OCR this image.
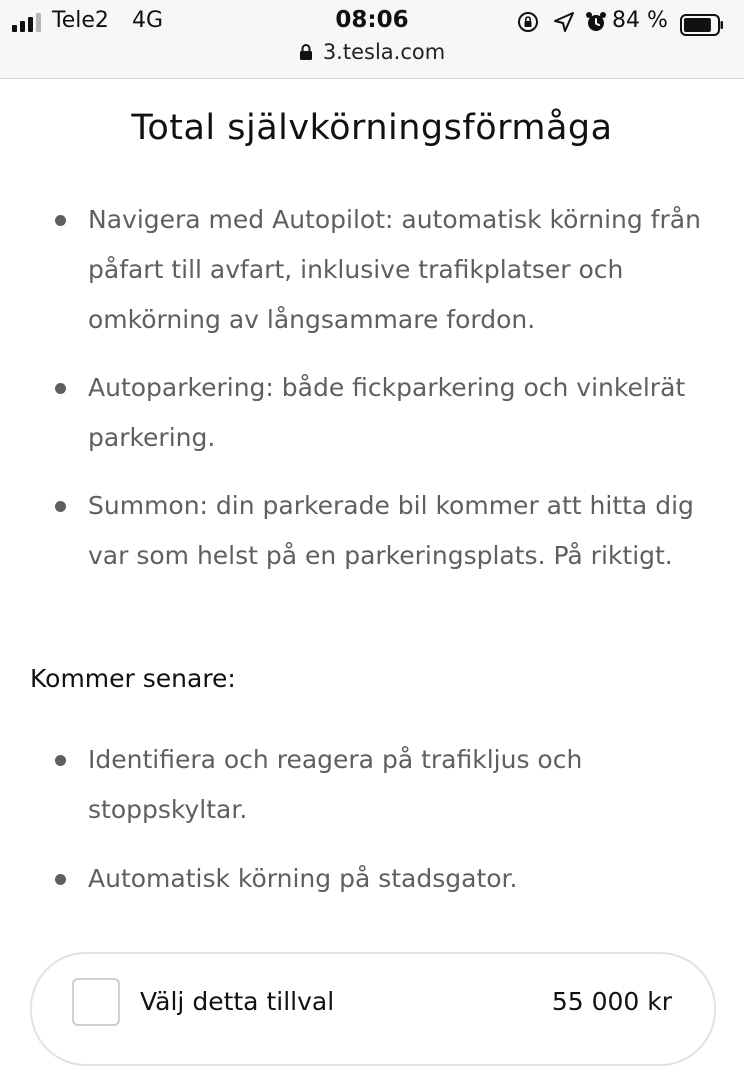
Tele2 4G	08:06	84 %
3.tesla.com
Total självkörningsförmåga
Navigera med Autopilot: automatisk körning från påfart till avfart, inklusive trafikplatser och omkörning av långsammare fordon.
Autoparkering: både fickparkering och vinkelrät parkering.
Summon: din parkerade bil kommer att hitta dig var som helst på en parkeringsplats. På riktigt.
Kommer senare:
Identifiera och reagera på trafikljus och stoppskyltar.
Automatisk körning på stadsgator.
Välj detta tillval	55 000 kr
